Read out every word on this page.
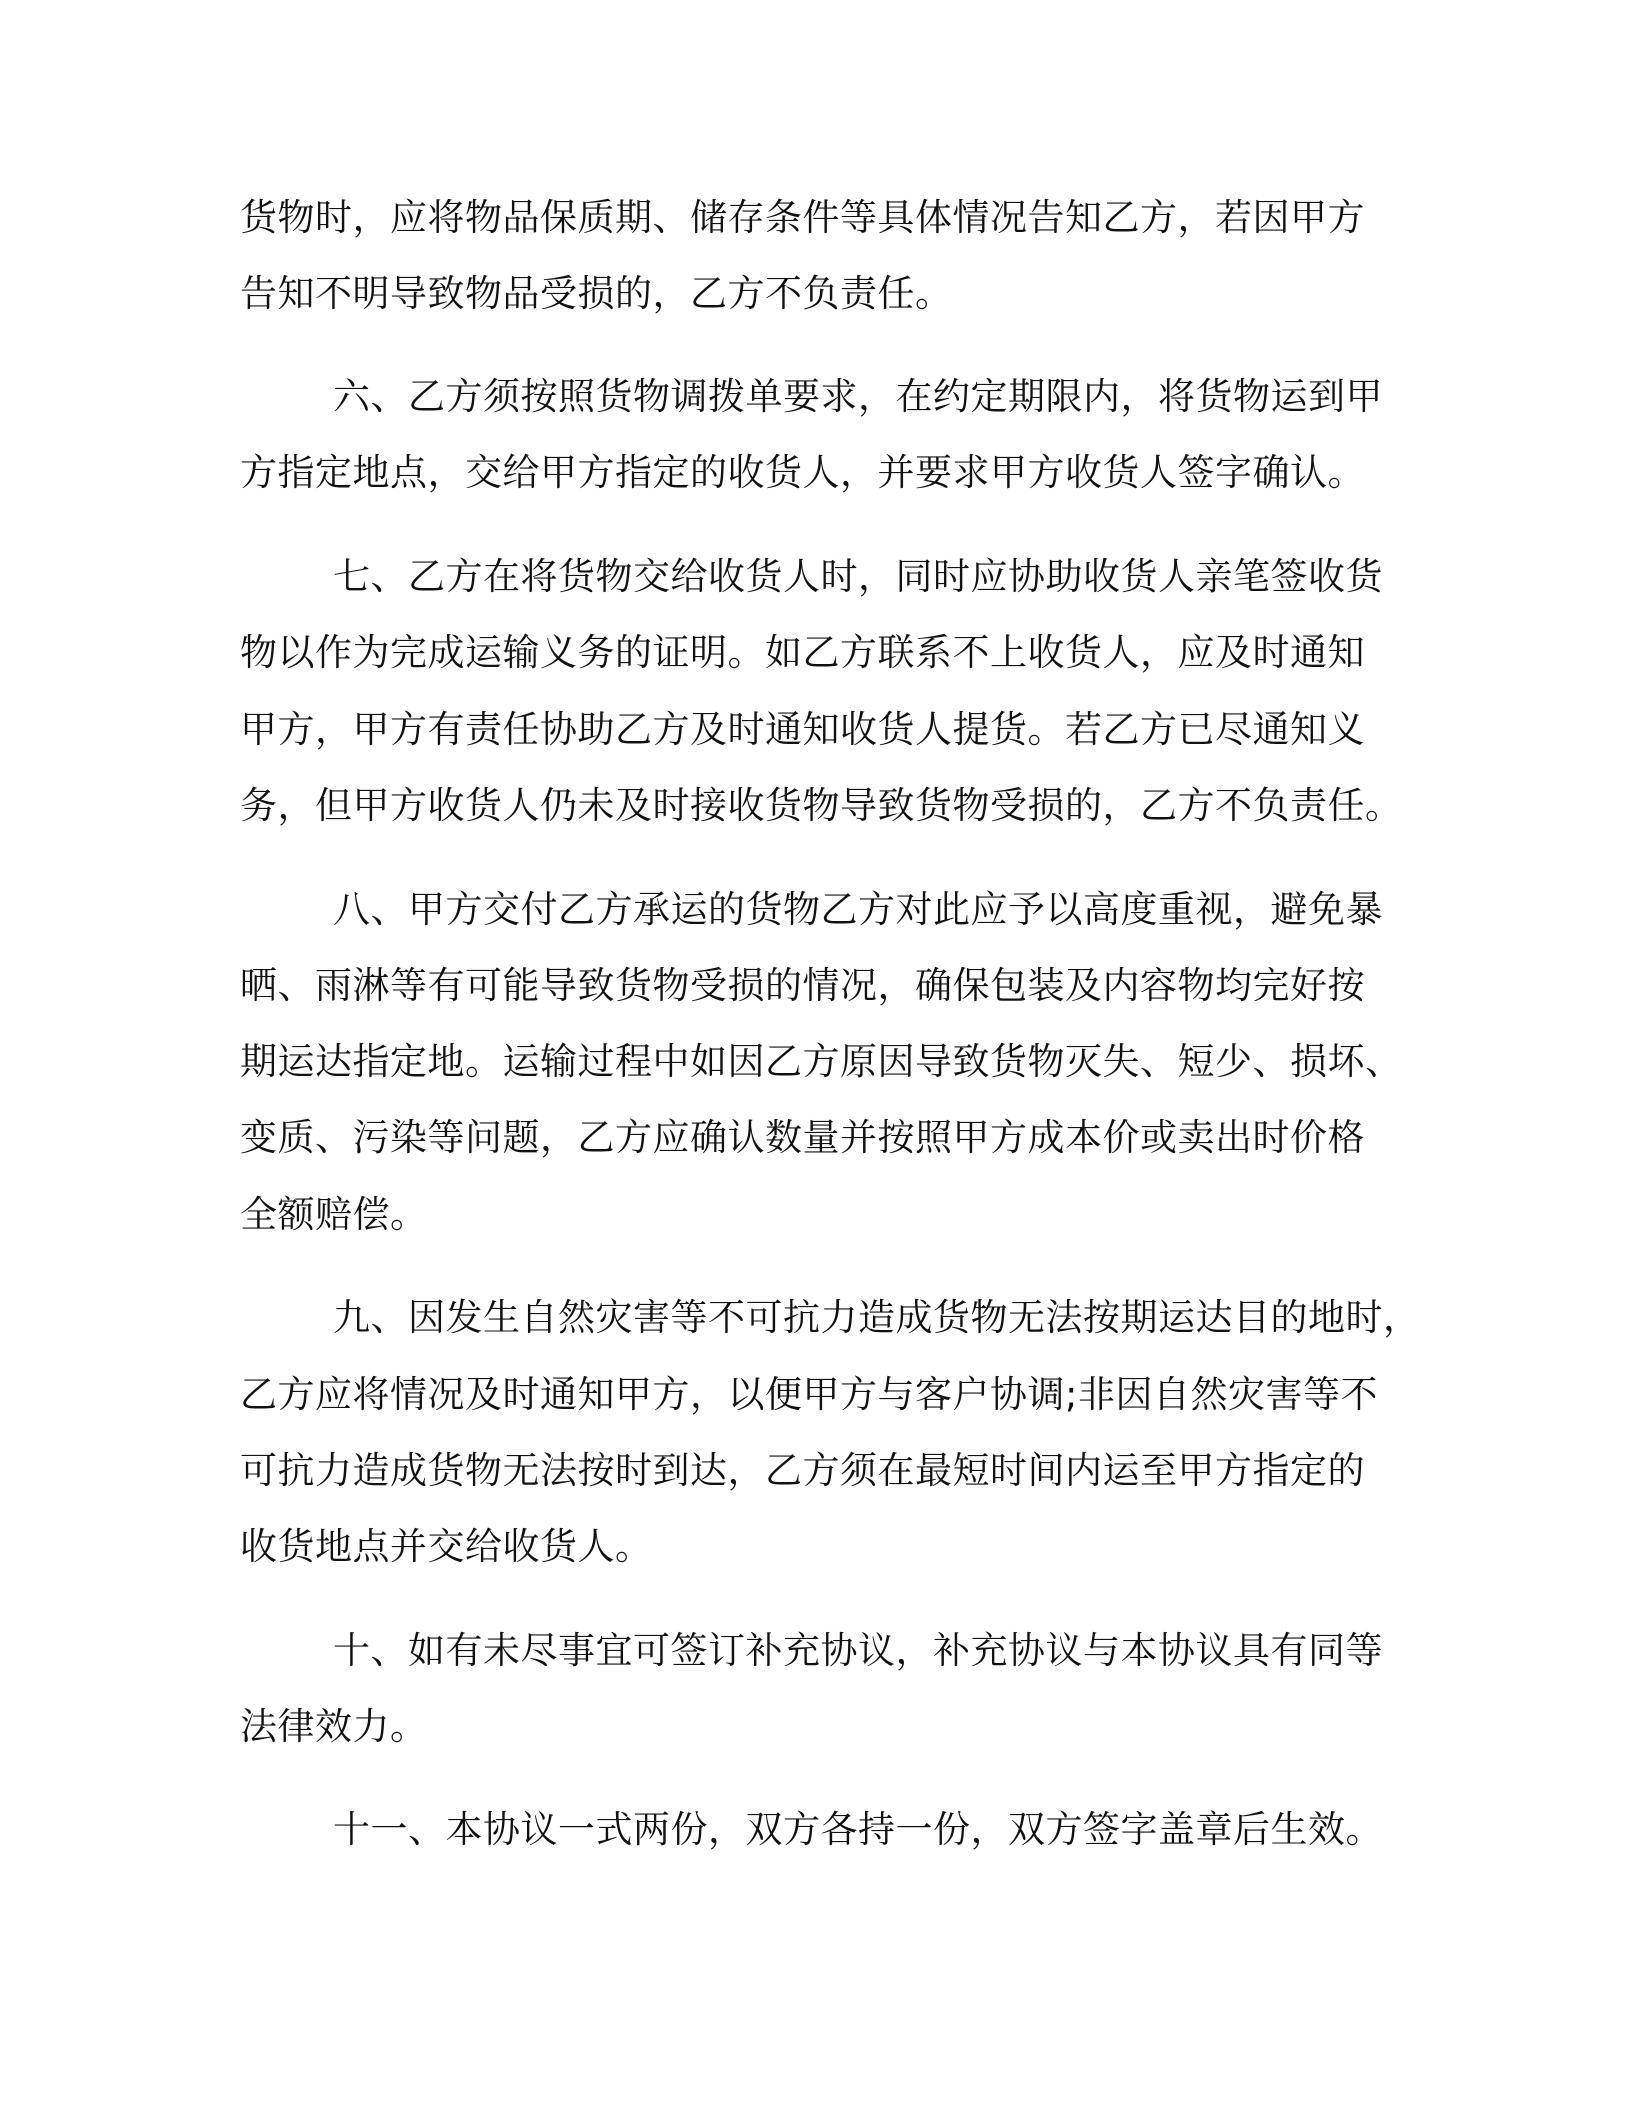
货物时，应将物品保质期、储存条件等具体情况告知乙方，若因甲方

告知不明导致物品受损的，乙方不负责任。

六、乙方须按照货物调拨单要求，在约定期限内，将货物运到甲

方指定地点，交给甲方指定的收货人，并要求甲方收货人签字确认。

七、乙方在将货物交给收货人时，同时应协助收货人亲笔签收货

物以作为完成运输义务的证明。如乙方联系不上收货人，应及时通知

甲方，甲方有责任协助乙方及时通知收货人提货。若乙方已尽通知义

务，但甲方收货人仍未及时接收货物导致货物受损的，乙方不负责任。

八、甲方交付乙方承运的货物乙方对此应予以高度重视，避免暴

晒、雨淋等有可能导致货物受损的情况，确保包装及内容物均完好按

期运达指定地。运输过程中如因乙方原因导致货物灭失、短少、损坏、

变质、污染等问题，乙方应确认数量并按照甲方成本价或卖出时价格

全额赔偿。

九、因发生自然灾害等不可抗力造成货物无法按期运达目的地时，

乙方应将情况及时通知甲方，以便甲方与客户协调;非因自然灾害等不

可抗力造成货物无法按时到达，乙方须在最短时间内运至甲方指定的

收货地点并交给收货人。

十、如有未尽事宜可签订补充协议，补充协议与本协议具有同等

法律效力。

十一、本协议一式两份，双方各持一份，双方签字盖章后生效。
